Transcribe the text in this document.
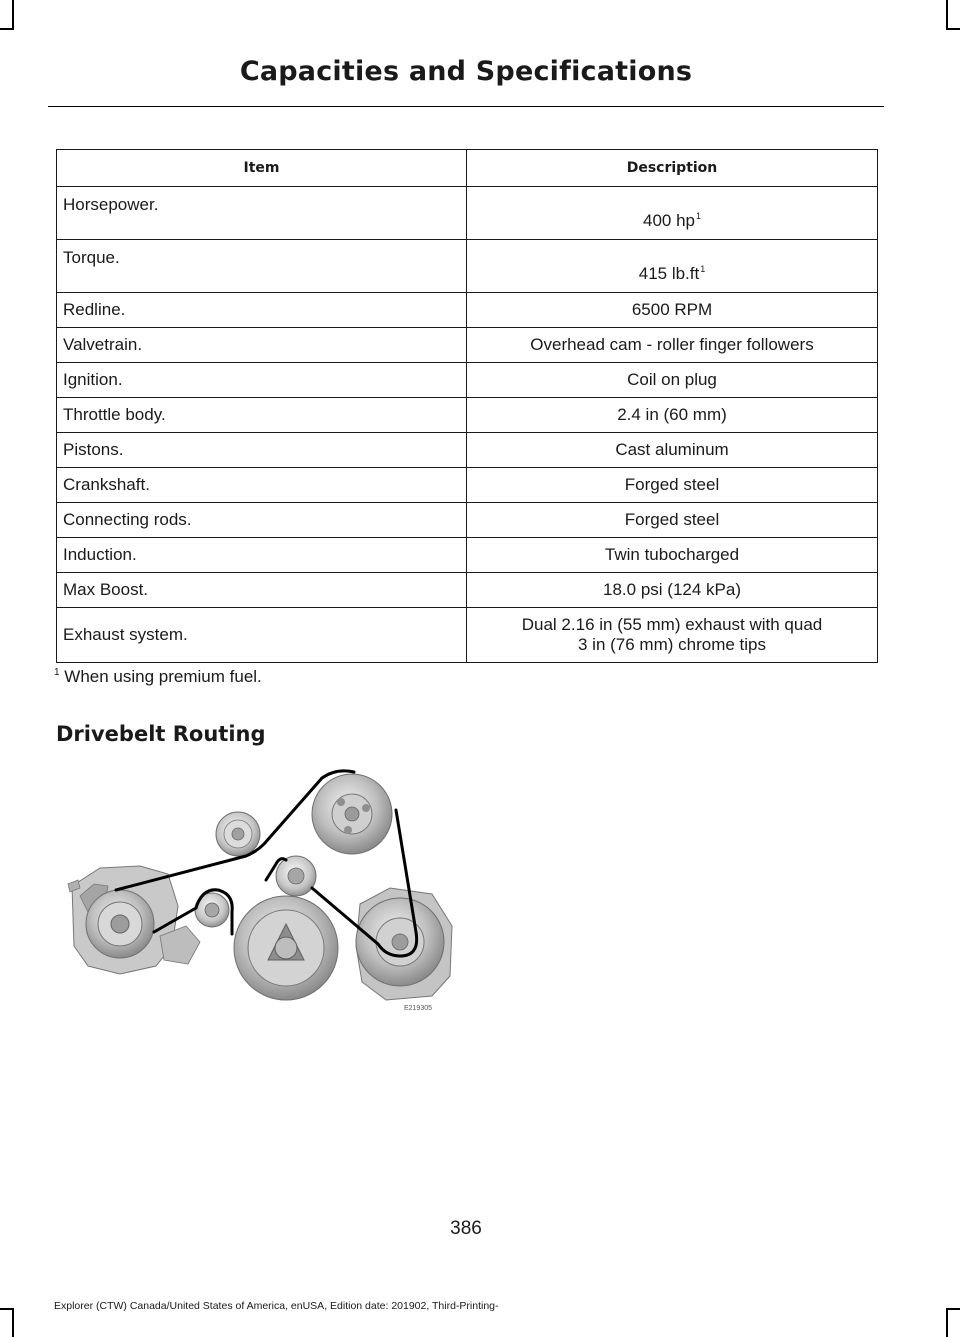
Capacities and Specifications
Item	Description
Horsepower.	400 hp$^1$
Torque.	415 lb.ft$^1$
Redline.	6500 RPM
Valvetrain.	Overhead cam - roller finger followers
Ignition.	Coil on plug
Throttle body.	2.4 in (60 mm)
Pistons.	Cast aluminum
Crankshaft.	Forged steel
Connecting rods.	Forged steel
Induction.	Twin tubocharged
Max Boost.	18.0 psi (124 kPa)
Exhaust system.	Dual 2.16 in (55 mm) exhaust with quad
3 in (76 mm) chrome tips

$^1$ When using premium fuel.

Drivebelt Routing
E219305
386
Explorer (CTW) Canada/United States of America, enUSA, Edition date: 201902, Third-Printing-
